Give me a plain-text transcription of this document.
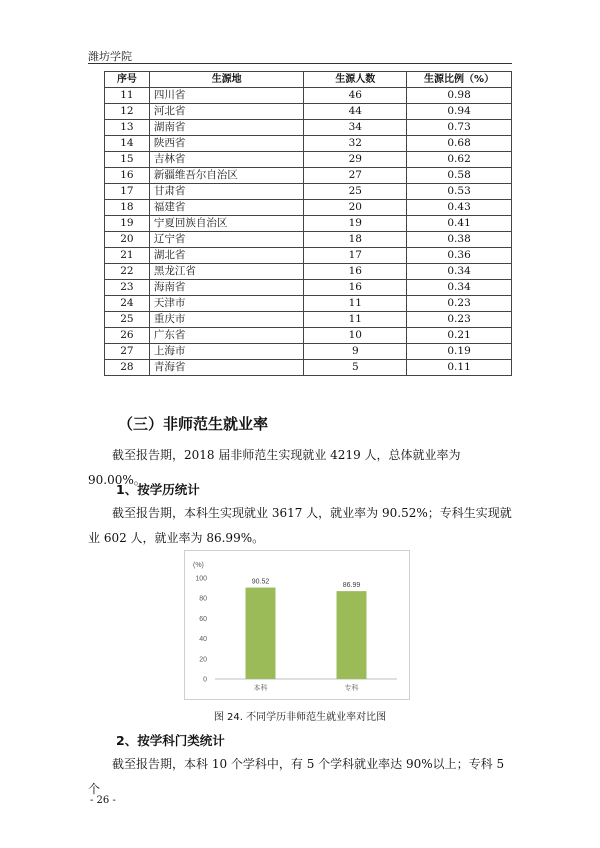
潍坊学院
序号	生源地	生源人数	生源比例（%）
11	四川省	46	0.98
12	河北省	44	0.94
13	湖南省	34	0.73
14	陕西省	32	0.68
15	吉林省	29	0.62
16	新疆维吾尔自治区	27	0.58
17	甘肃省	25	0.53
18	福建省	20	0.43
19	宁夏回族自治区	19	0.41
20	辽宁省	18	0.38
21	湖北省	17	0.36
22	黑龙江省	16	0.34
23	海南省	16	0.34
24	天津市	11	0.23
25	重庆市	11	0.23
26	广东省	10	0.21
27	上海市	9	0.19
28	青海省	5	0.11
（三）非师范生就业率
截至报告期，2018 届非师范生实现就业 4219 人，总体就业率为 90.00%。
1、按学历统计
截至报告期，本科生实现就业 3617 人，就业率为 90.52%；专科生实现就业 602 人，就业率为 86.99%。
(%)
0
20
40
60
80
100	90.52
本科
86.99
专科
图 24. 不同学历非师范生就业率对比图
2、按学科门类统计
截至报告期，本科 10 个学科中，有 5 个学科就业率达 90%以上；专科 5 个
- 26 -
